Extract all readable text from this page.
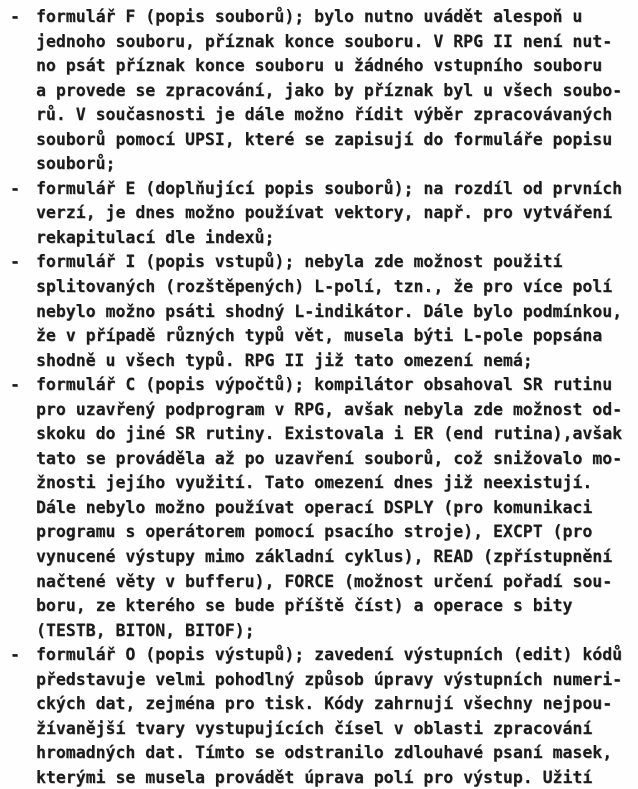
- formulář F (popis souborů); bylo nutno uvádět alespoň u
jednoho souboru, příznak konce souboru. V RPG II není nut-
no psát příznak konce souboru u žádného vstupního souboru
a provede se zpracování, jako by příznak byl u všech soubo-
rů. V současnosti je dále možno řídit výběr zpracovávaných
souborů pomocí UPSI, které se zapisují do formuláře popisu
souborů;
- formulář E (doplňující popis souborů); na rozdíl od prvních
verzí, je dnes možno používat vektory, např. pro vytváření
rekapitulací dle indexů;
- formulář I (popis vstupů); nebyla zde možnost použití
splitovaných (rozštěpených) L-polí, tzn., že pro více polí
nebylo možno psáti shodný L-indikátor. Dále bylo podmínkou,
že v případě různých typů vět, musela býti L-pole popsána
shodně u všech typů. RPG II již tato omezení nemá;
- formulář C (popis výpočtů); kompilátor obsahoval SR rutinu
pro uzavřený podprogram v RPG, avšak nebyla zde možnost od-
skoku do jiné SR rutiny. Existovala i ER (end rutina),avšak
tato se prováděla až po uzavření souborů, což snižovalo mo-
žnosti jejího využití. Tato omezení dnes již neexistují.
Dále nebylo možno používat operací DSPLY (pro komunikaci
programu s operátorem pomocí psacího stroje), EXCPT (pro
vynucené výstupy mimo základní cyklus), READ (zpřístupnění
načtené věty v bufferu), FORCE (možnost určení pořadí sou-
boru, ze kterého se bude příště číst) a operace s bity
(TESTB, BITON, BITOF);
- formulář O (popis výstupů); zavedení výstupních (edit) kódů
představuje velmi pohodlný způsob úpravy výstupních numeri-
ckých dat, zejména pro tisk. Kódy zahrnují všechny nejpou-
žívanější tvary vystupujících čísel v oblasti zpracování
hromadných dat. Tímto se odstranilo zdlouhavé psaní masek,
kterými se musela provádět úprava polí pro výstup. Užití
